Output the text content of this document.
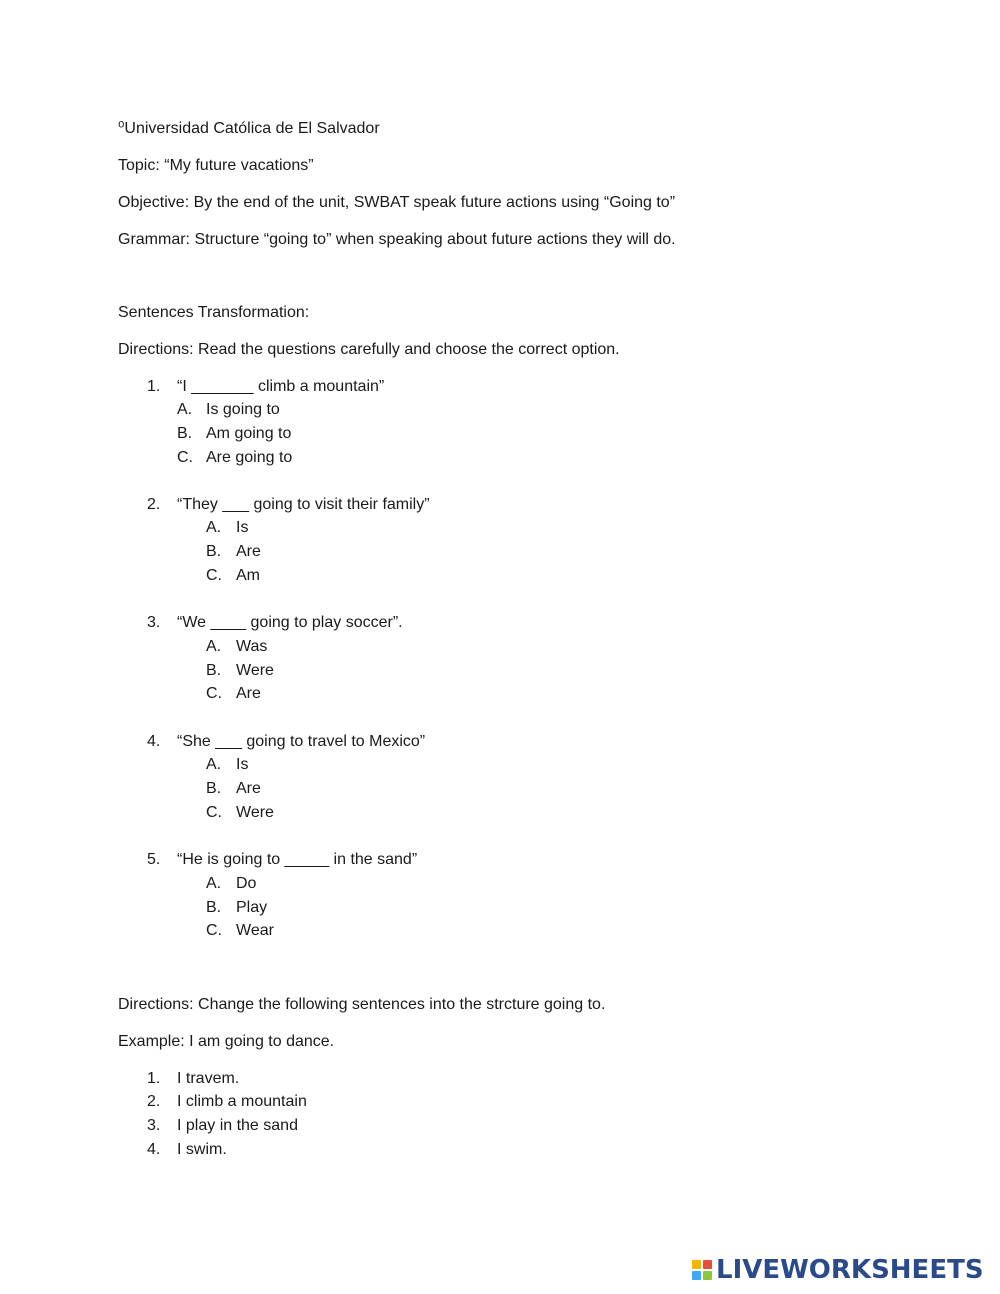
⁰Universidad Católica de El Salvador
Topic: “My future vacations”
Objective: By the end of the unit, SWBAT speak future actions using “Going to”
Grammar: Structure “going to” when speaking about future actions they will do.
Sentences Transformation:
Directions: Read the questions carefully and choose the correct option.
1. “I _______ climb a mountain”
A. Is going to
B. Am going to
C. Are going to
2. “They ___ going to visit their family”
A. Is
B. Are
C. Am
3. “We ____ going to play soccer”.
A. Was
B. Were
C. Are
4. “She ___ going to travel to Mexico”
A. Is
B. Are
C. Were
5. “He is going to _____ in the sand”
A. Do
B. Play
C. Wear
Directions: Change the following sentences into the strcture going to.
Example: I am going to dance.
1. I travem.
2. I climb a mountain
3. I play in the sand
4. I swim.
LIVEWORKSHEETS
